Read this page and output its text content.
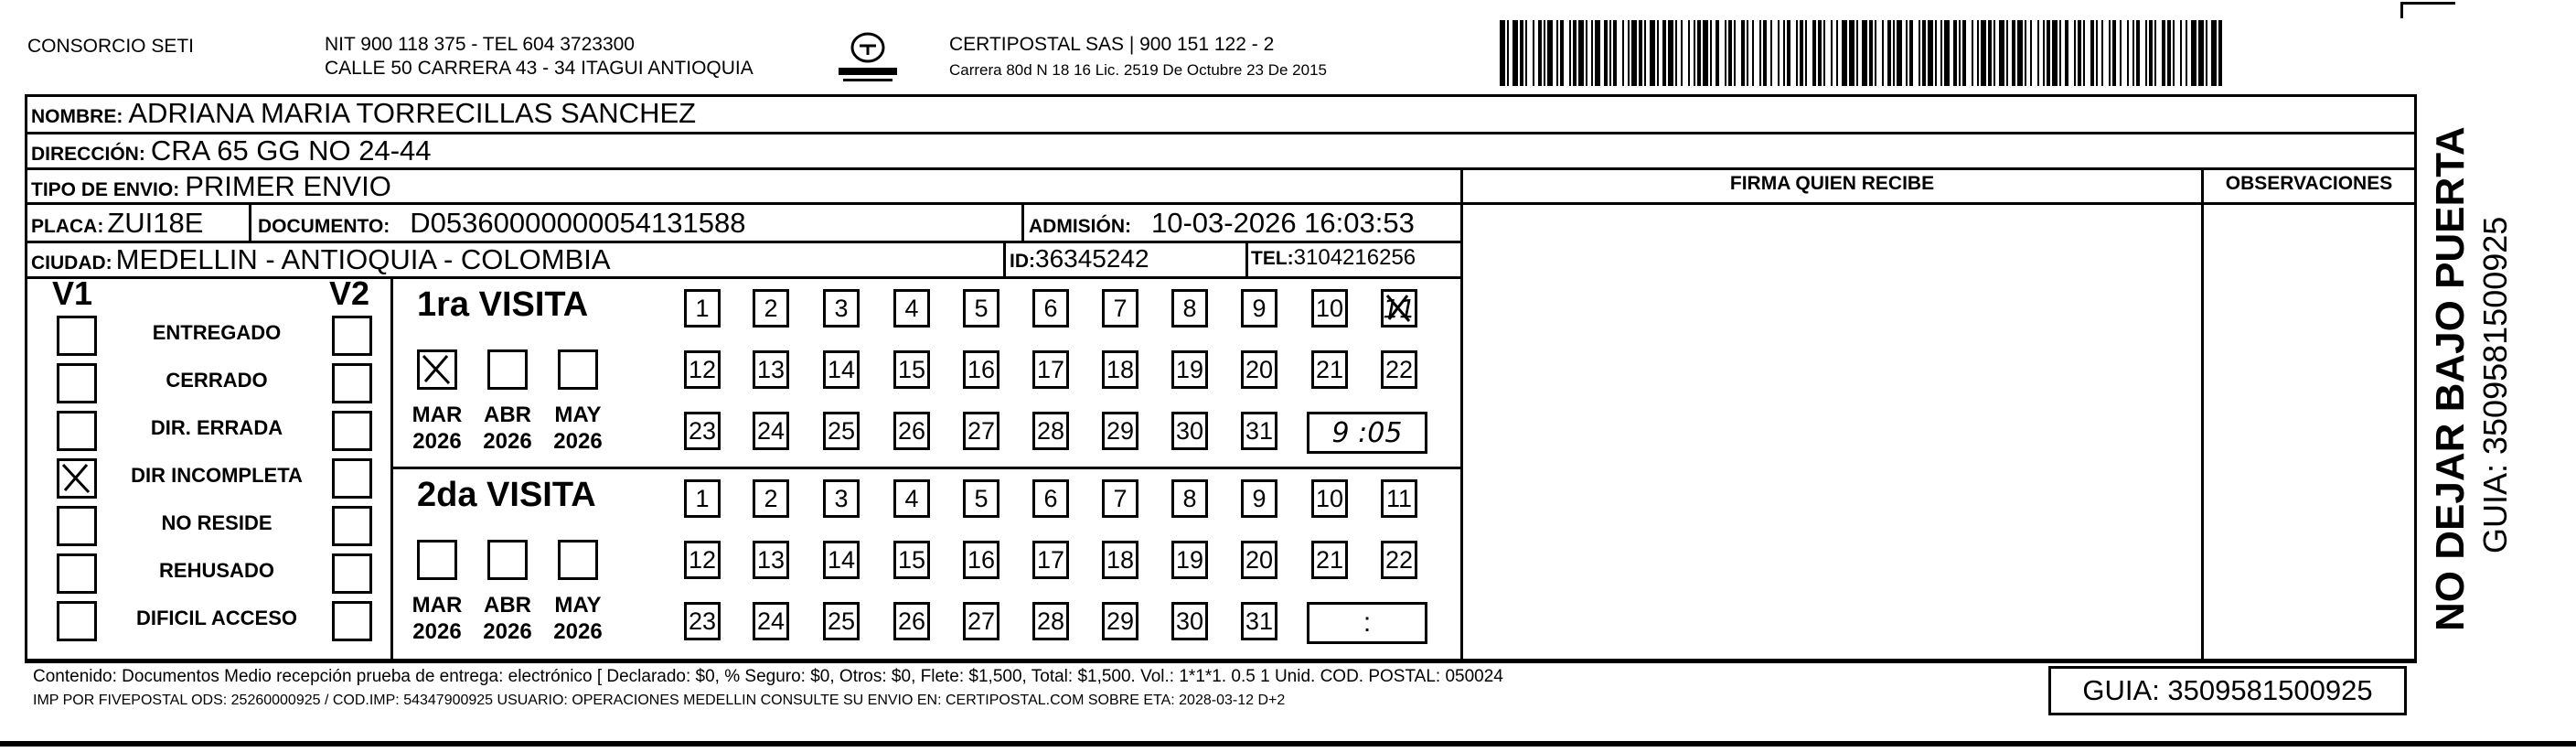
CONSORCIO SETI	NIT 900 118 375 - TEL 604 3723300
CALLE 50 CARRERA 43 - 34 ITAGUI ANTIOQUIA
CERTIPOSTAL SAS | 900 151 122 - 2
Carrera 80d N 18 16 Lic. 2519 De Octubre 23 De 2015
NOMBRE: ADRIANA MARIA TORRECILLAS SANCHEZ
DIRECCIÓN: CRA 65 GG NO 24-44
TIPO DE ENVIO: PRIMER ENVIO
PLACA: ZUI18E	DOCUMENTO: D05360000000054131588	ADMISIÓN: 10-03-2026 16:03:53
CIUDAD: MEDELLIN - ANTIOQUIA - COLOMBIA	ID:36345242	TEL:3104216256
FIRMA QUIEN RECIBE	OBSERVACIONES
V1	V2
ENTREGADO
CERRADO
DIR. ERRADA
DIR INCOMPLETA
NO RESIDE
REHUSADO
DIFICIL ACCESO
1ra VISITA
MAR
2026
ABR
2026
MAY
2026
1	2	3	4	5	6	7	8	9	10 11
12 13 14 15 16 17 18 19 20 21 22
23 24 25 26 27 28 29 30 31	9 :05
2da VISITA
MAR
2026
ABR
2026
MAY
2026
1	2	3	4	5	6	7	8	9	10 11
12 13 14 15 16 17 18 19 20 21 22
23 24 25 26 27 28 29 30 31	:
Contenido: Documentos Medio recepción prueba de entrega: electrónico [ Declarado: $0, % Seguro: $0, Otros: $0, Flete: $1,500, Total: $1,500. Vol.: 1*1*1. 0.5 1 Unid. COD. POSTAL: 050024
IMP POR FIVEPOSTAL ODS: 25260000925 / COD.IMP: 54347900925 USUARIO: OPERACIONES MEDELLIN CONSULTE SU ENVIO EN: CERTIPOSTAL.COM SOBRE ETA: 2028-03-12 D+2	GUIA: 3509581500925
NO DEJAR BAJO PUERTA GUIA: 3509581500925
